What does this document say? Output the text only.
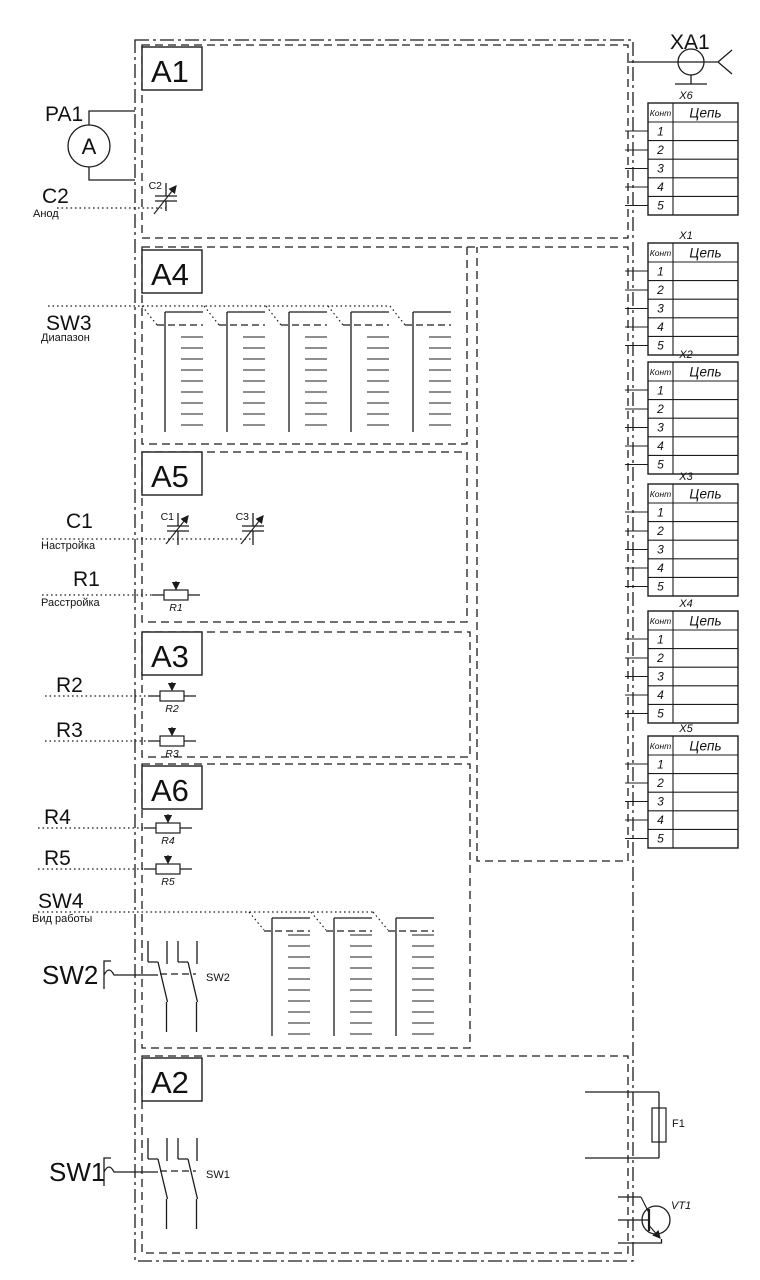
A1
A4
A5
A3
A6
A2
А
PA1
C2
C2
Анод
SW3
Диапазон
C1
Настройка
C1	C3
R1
Расстройка	R1
R2
R2
R3
R3
R4
R4
R5
R5
SW4
Вид работы
SW2	SW2
SW1	SW1
XA1
F1
VT1
X6
Конт Цепь
1
2
3
4
5
X1
Конт Цепь
1
2
3
4
5
X2
Конт Цепь
1
2
3
4
5
X3
Конт Цепь
1
2
3
4
5
X4
Конт Цепь
1
2
3
4
5
X5
Конт Цепь
1
2
3
4
5
